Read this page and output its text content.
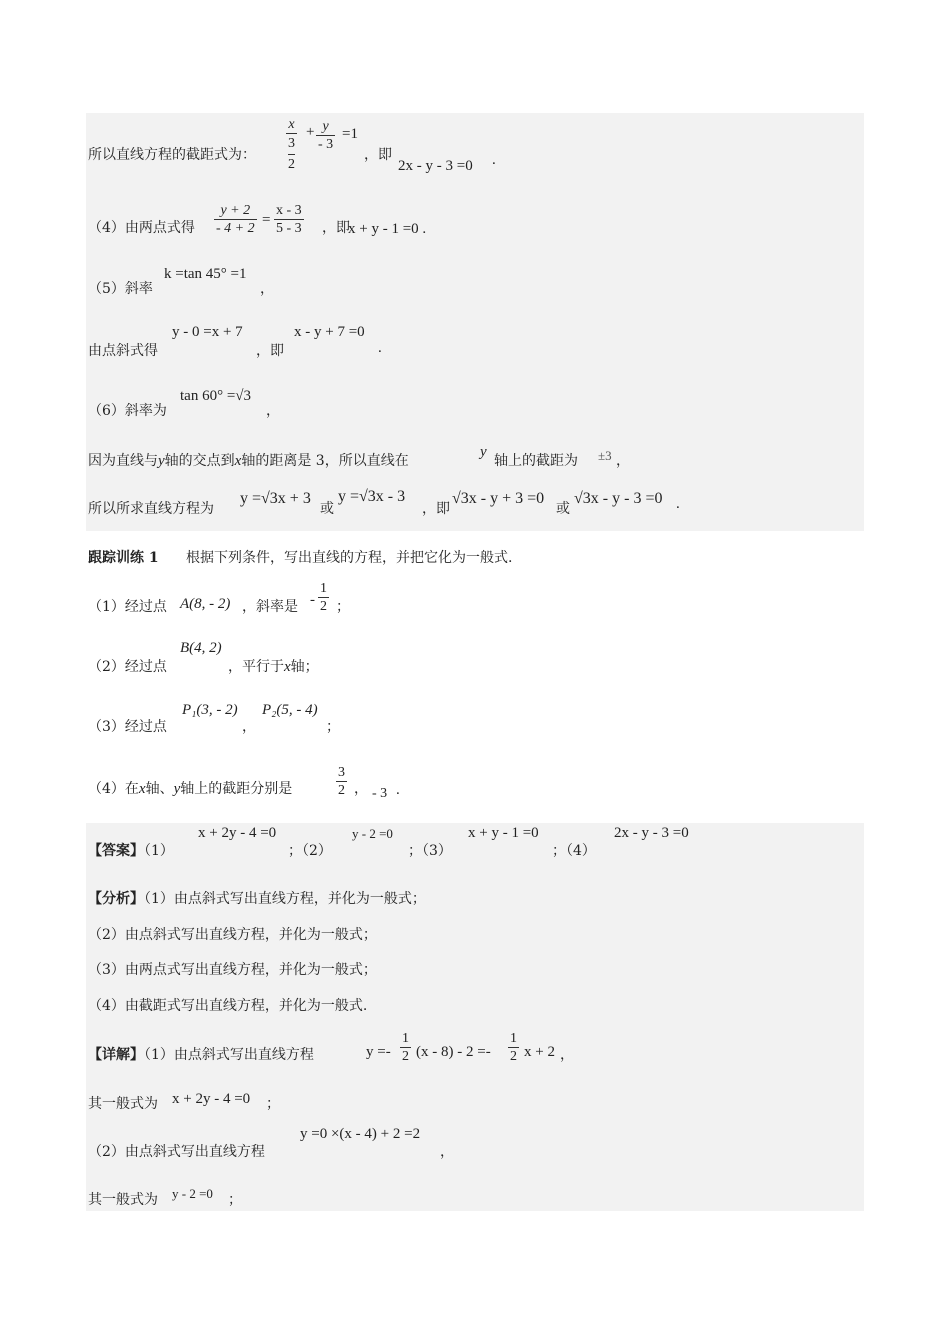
所以直线方程的截距式为： x
3
$2 + \frac{y}{- 3} =1$
，即
2x - y - 3 =0 .
（4）由两点式得 $\frac{y + 2}{- 4 + 2} = \frac{x - 3}{5 - 3}$ ，即
x + y - 1 =0 .
（5）斜率
k =tan 45° =1
，
由点斜式得
y - 0 =x + 7
，即
x - y + 7 =0
.
（6）斜率为
tan 60° =√3
，
因为直线与y轴的交点到x轴的距离是 3，所以直线在
y
轴上的截距为 ±3 ，
所以所求直线方程为
y =√3x + 3
或
y =√3x - 3
，即
√3x - y + 3 =0
或
√3x - y - 3 =0 .
跟踪训练 1 根据下列条件，写出直线的方程，并把它化为一般式.
（1）经过点 A(8, - 2) ，斜率是 - $\frac{1}{2}$ ；
（2）经过点
B(4, 2)
，平行于x轴；
（3）经过点
P₁(3, - 2)
，
P₂(5, - 4)
；
（4）在x轴、y轴上的截距分别是	$\frac{3}{2}$ ， - 3 .
【答案】（1）
x + 2y - 4 =0
；（2）
y - 2 =0
；（3）
x + y - 1 =0
；（4）
2x - y - 3 =0
【分析】（1）由点斜式写出直线方程，并化为一般式；
（2）由点斜式写出直线方程，并化为一般式；
（3）由两点式写出直线方程，并化为一般式；
（4）由截距式写出直线方程，并化为一般式.
【详解】（1）由点斜式写出直线方程	$y =- \frac{1}{2} (x - 8) - 2 =- \frac{1}{2}$ x + 2 ，
其一般式为 x + 2y - 4 =0 ；
（2）由点斜式写出直线方程
y =0 ×(x - 4) + 2 =2
，
其一般式为 y - 2 =0 ；
